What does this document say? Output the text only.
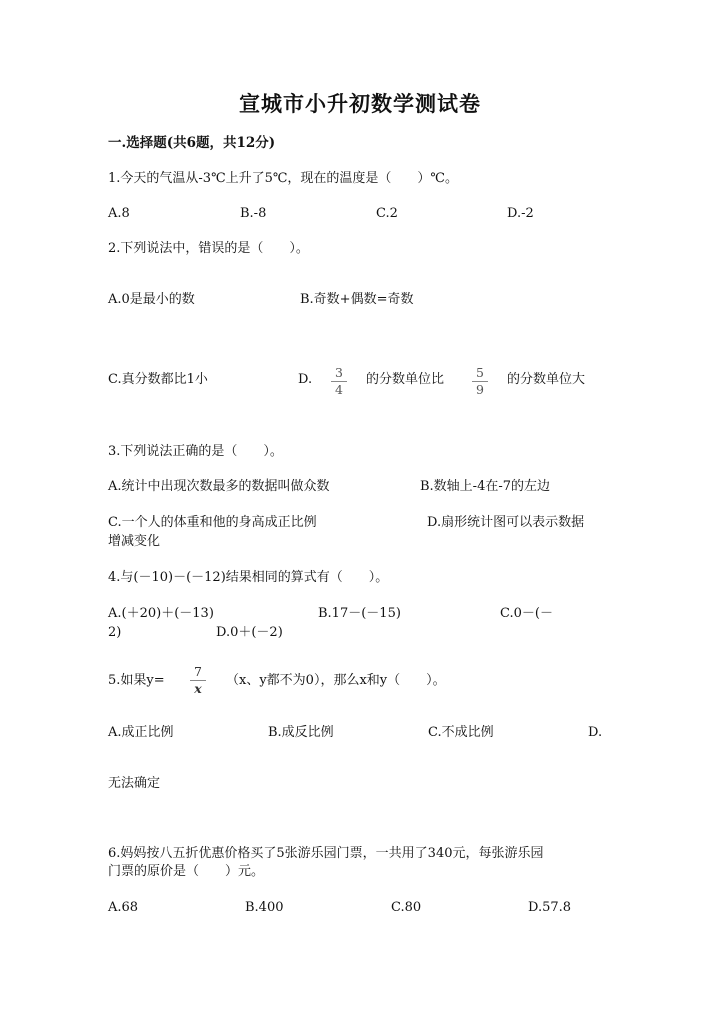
宣城市小升初数学测试卷
一.选择题(共6题，共12分)
1.今天的气温从-3℃上升了5℃，现在的温度是（　　）℃。
A.8	B.-8	C.2	D.-2
2.下列说法中，错误的是（　　）。
A.0是最小的数	B.奇数+偶数=奇数
C.真分数都比1小	D.	3
4
的分数单位比	5
9
的分数单位大
3.下列说法正确的是（　　）。
A.统计中出现次数最多的数据叫做众数	B.数轴上-4在-7的左边
C.一个人的体重和他的身高成正比例	D.扇形统计图可以表示数据
增减变化
4.与(－10)－(－12)结果相同的算式有（　　）。
A.(＋20)＋(－13)	B.17－(－15)	C.0－(－
2)	D.0＋(－2)
5.如果y=
7
x
（x、y都不为0），那么x和y（　　）。
A.成正比例	B.成反比例	C.不成比例	D.
无法确定
6.妈妈按八五折优惠价格买了5张游乐园门票，一共用了340元，每张游乐园
门票的原价是（　　）元。
A.68	B.400	C.80	D.57.8
